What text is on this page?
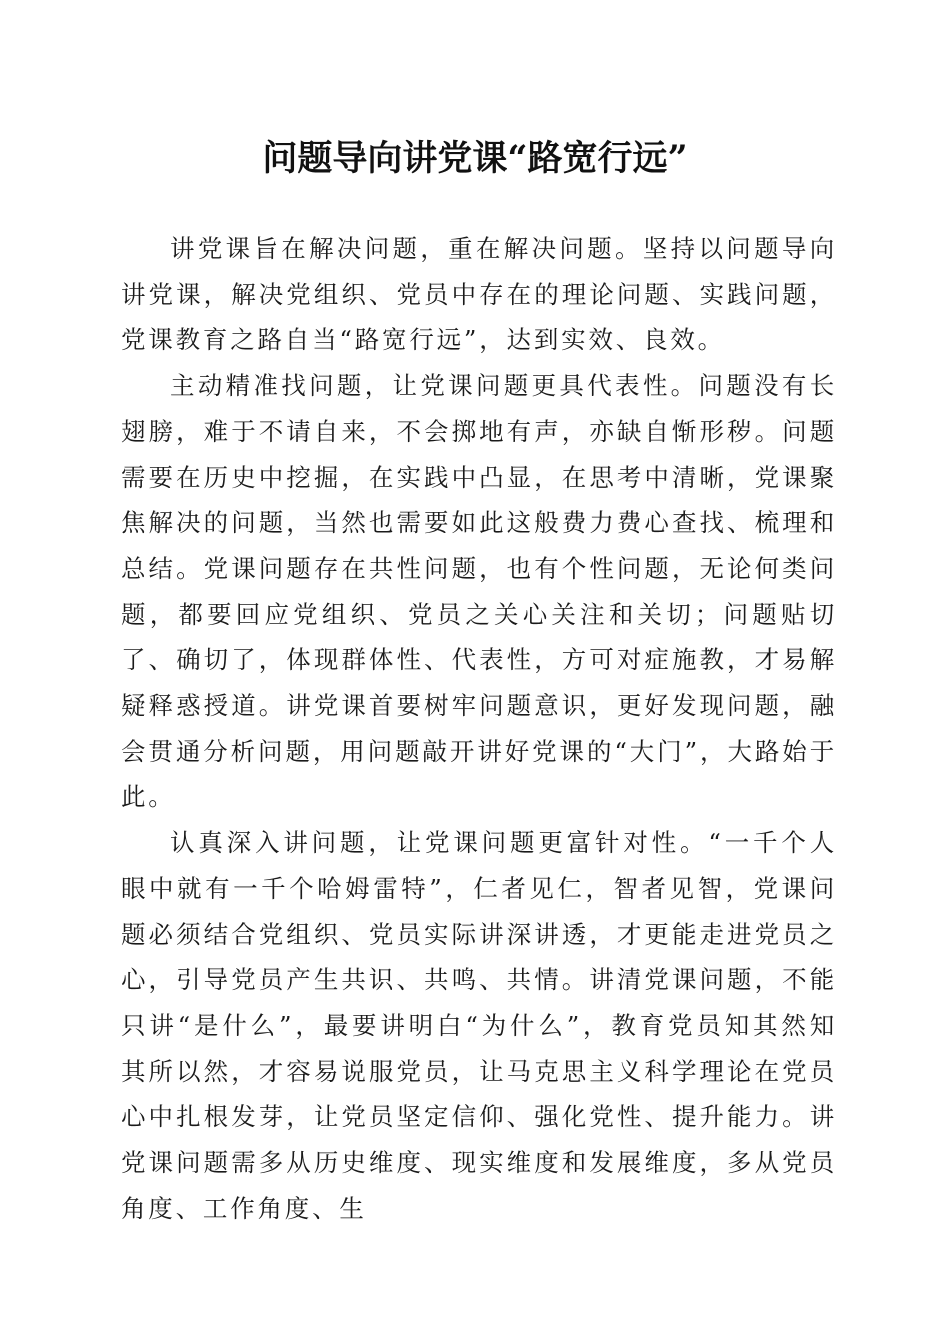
问题导向讲党课“路宽行远”

讲党课旨在解决问题，重在解决问题。坚持以问题导向讲党课，解决党组织、党员中存在的理论问题、实践问题，党课教育之路自当“路宽行远”，达到实效、良效。

主动精准找问题，让党课问题更具代表性。问题没有长翅膀，难于不请自来，不会掷地有声，亦缺自惭形秽。问题需要在历史中挖掘，在实践中凸显，在思考中清晰，党课聚焦解决的问题，当然也需要如此这般费力费心查找、梳理和总结。党课问题存在共性问题，也有个性问题，无论何类问题，都要回应党组织、党员之关心关注和关切；问题贴切了、确切了，体现群体性、代表性，方可对症施教，才易解疑释惑授道。讲党课首要树牢问题意识，更好发现问题，融会贯通分析问题，用问题敲开讲好党课的“大门”，大路始于此。

认真深入讲问题，让党课问题更富针对性。“一千个人眼中就有一千个哈姆雷特”，仁者见仁，智者见智，党课问题必须结合党组织、党员实际讲深讲透，才更能走进党员之心，引导党员产生共识、共鸣、共情。讲清党课问题，不能只讲“是什么”，最要讲明白“为什么”，教育党员知其然知其所以然，才容易说服党员，让马克思主义科学理论在党员心中扎根发芽，让党员坚定信仰、强化党性、提升能力。讲党课问题需多从历史维度、现实维度和发展维度，多从党员角度、工作角度、生
